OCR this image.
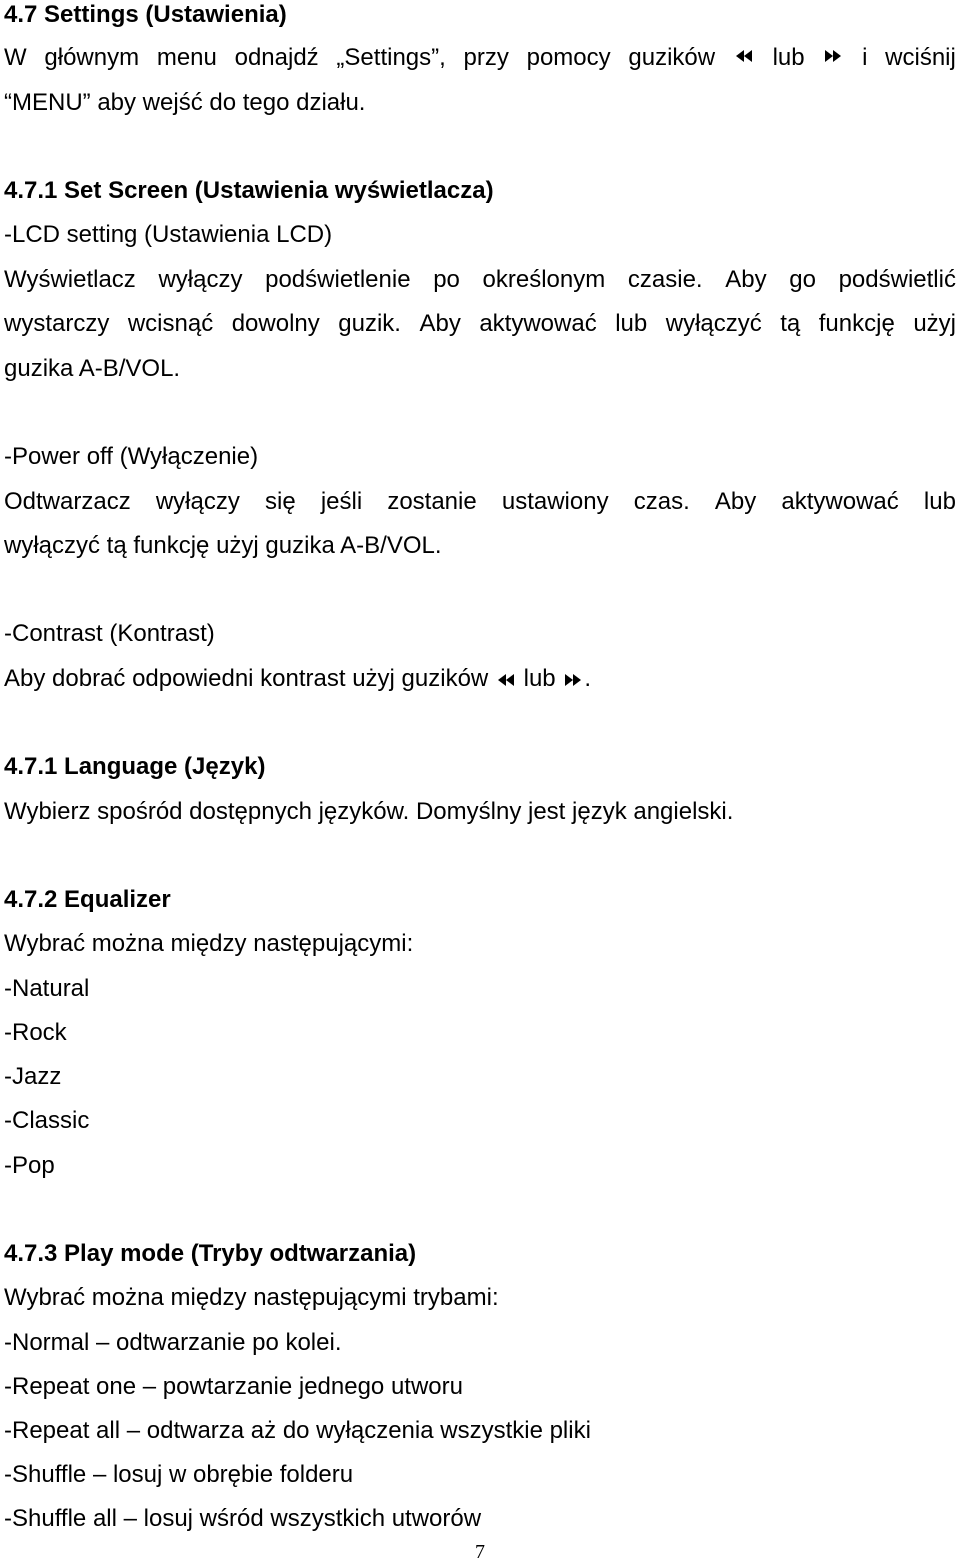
4.7 Settings (Ustawienia)
W głównym menu odnajdź „Settings”, przy pomocy guzików lub i wciśnij
“MENU” aby wejść do tego działu.
4.7.1 Set Screen (Ustawienia wyświetlacza)
-LCD setting (Ustawienia LCD)
Wyświetlacz wyłączy podświetlenie po określonym czasie. Aby go podświetlić
wystarczy wcisnąć dowolny guzik. Aby aktywować lub wyłączyć tą funkcję użyj
guzika A-B/VOL.
-Power off (Wyłączenie)
Odtwarzacz wyłączy się jeśli zostanie ustawiony czas. Aby aktywować lub
wyłączyć tą funkcję użyj guzika A-B/VOL.
-Contrast (Kontrast)
Aby dobrać odpowiedni kontrast użyj guzików lub .
4.7.1 Language (Język)
Wybierz spośród dostępnych języków. Domyślny jest język angielski.
4.7.2 Equalizer
Wybrać można między następującymi:
-Natural
-Rock
-Jazz
-Classic
-Pop
4.7.3 Play mode (Tryby odtwarzania)
Wybrać można między następującymi trybami:
-Normal – odtwarzanie po kolei.
-Repeat one – powtarzanie jednego utworu
-Repeat all – odtwarza aż do wyłączenia wszystkie pliki
-Shuffle – losuj w obrębie folderu
-Shuffle all – losuj wśród wszystkich utworów
7
